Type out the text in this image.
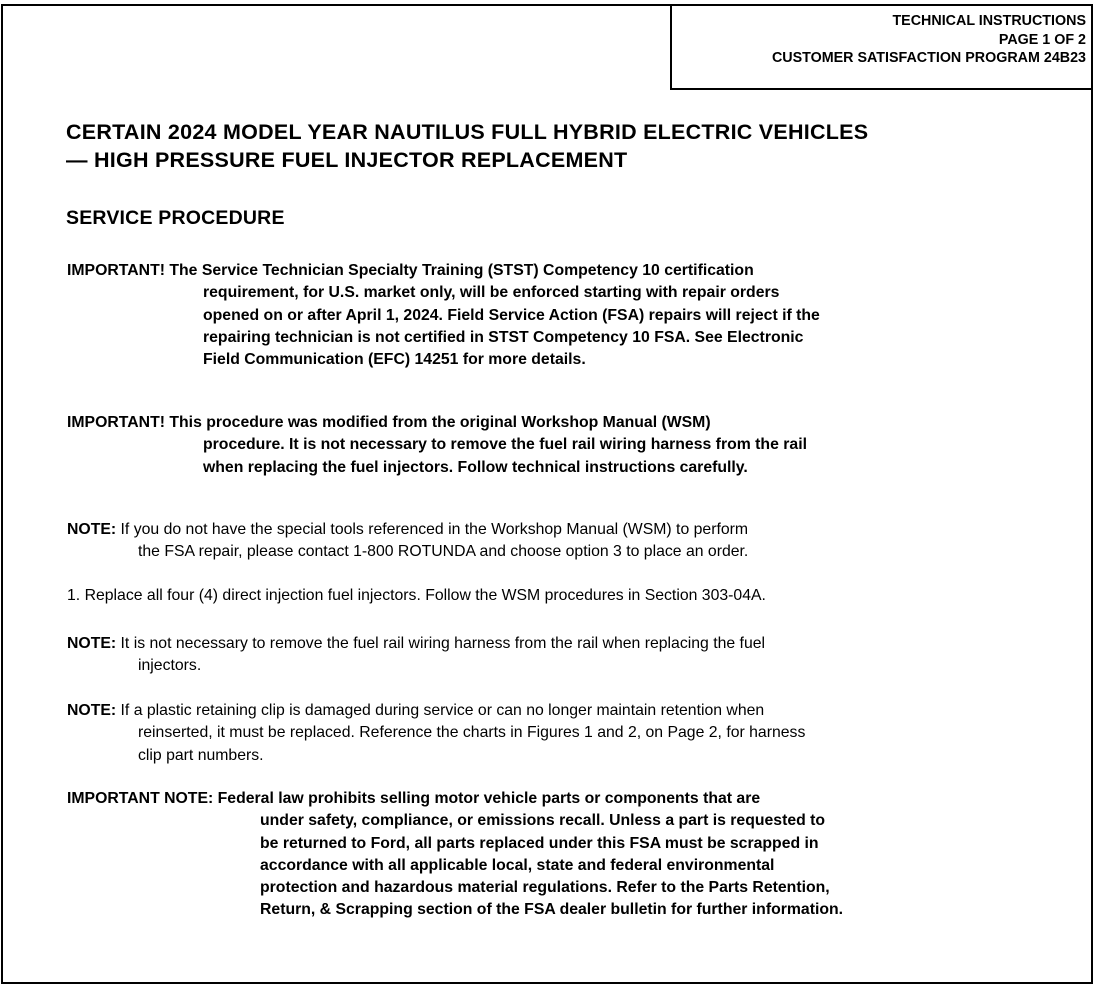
TECHNICAL INSTRUCTIONS
PAGE 1 OF 2
CUSTOMER SATISFACTION PROGRAM 24B23
CERTAIN 2024 MODEL YEAR NAUTILUS FULL HYBRID ELECTRIC VEHICLES
— HIGH PRESSURE FUEL INJECTOR REPLACEMENT
SERVICE PROCEDURE
IMPORTANT! The Service Technician Specialty Training (STST) Competency 10 certification
requirement, for U.S. market only, will be enforced starting with repair orders
opened on or after April 1, 2024. Field Service Action (FSA) repairs will reject if the
repairing technician is not certified in STST Competency 10 FSA. See Electronic
Field Communication (EFC) 14251 for more details.
IMPORTANT! This procedure was modified from the original Workshop Manual (WSM)
procedure. It is not necessary to remove the fuel rail wiring harness from the rail
when replacing the fuel injectors. Follow technical instructions carefully.
NOTE: If you do not have the special tools referenced in the Workshop Manual (WSM) to perform
the FSA repair, please contact 1-800 ROTUNDA and choose option 3 to place an order.
1. Replace all four (4) direct injection fuel injectors. Follow the WSM procedures in Section 303-04A.
NOTE: It is not necessary to remove the fuel rail wiring harness from the rail when replacing the fuel
injectors.
NOTE: If a plastic retaining clip is damaged during service or can no longer maintain retention when
reinserted, it must be replaced. Reference the charts in Figures 1 and 2, on Page 2, for harness
clip part numbers.
IMPORTANT NOTE: Federal law prohibits selling motor vehicle parts or components that are
under safety, compliance, or emissions recall. Unless a part is requested to
be returned to Ford, all parts replaced under this FSA must be scrapped in
accordance with all applicable local, state and federal environmental
protection and hazardous material regulations. Refer to the Parts Retention,
Return, & Scrapping section of the FSA dealer bulletin for further information.
